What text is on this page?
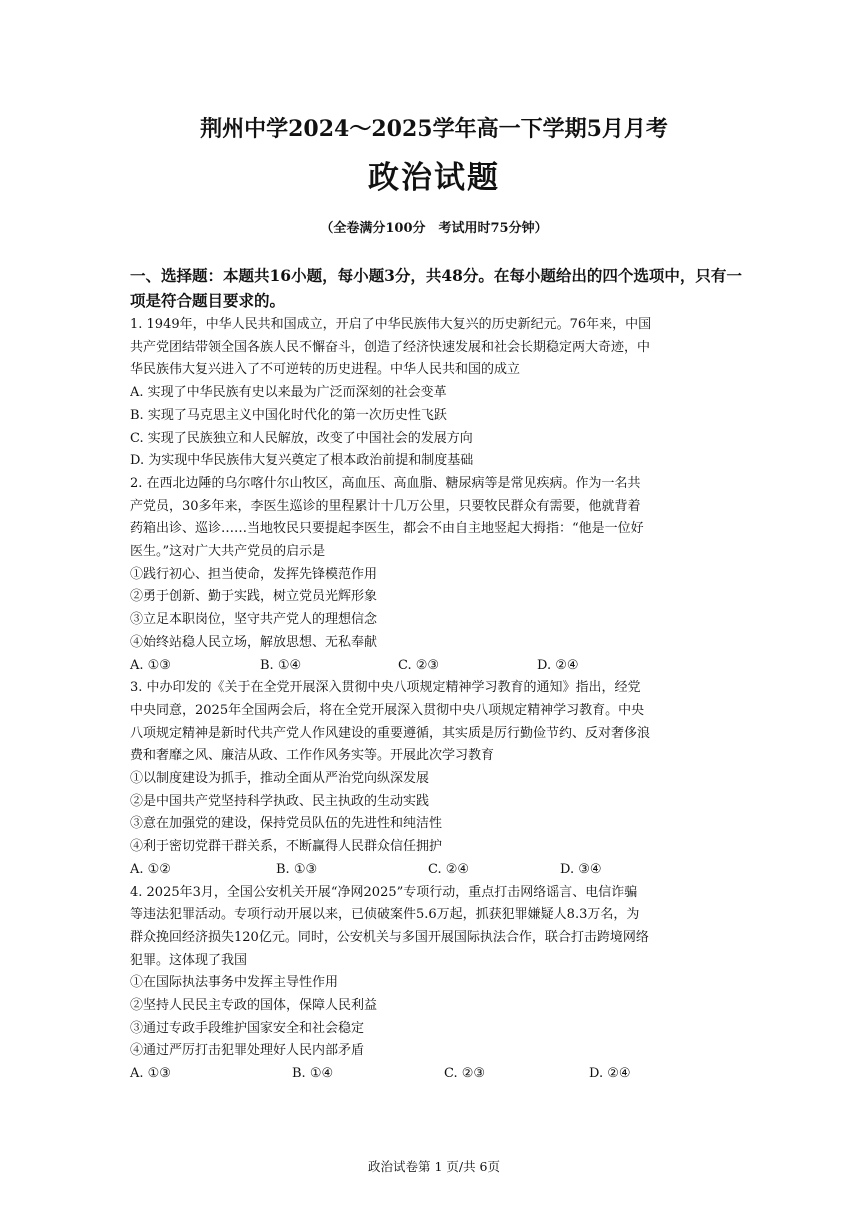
荆州中学2024～2025学年高一下学期5月月考
政治试题
（全卷满分100分　考试用时75分钟）
一、选择题：本题共16小题，每小题3分，共48分。在每小题给出的四个选项中，只有一项是符合题目要求的。

1. 1949年，中华人民共和国成立，开启了中华民族伟大复兴的历史新纪元。76年来，中国

共产党团结带领全国各族人民不懈奋斗，创造了经济快速发展和社会长期稳定两大奇迹，中

华民族伟大复兴进入了不可逆转的历史进程。中华人民共和国的成立

A. 实现了中华民族有史以来最为广泛而深刻的社会变革

B. 实现了马克思主义中国化时代化的第一次历史性飞跃

C. 实现了民族独立和人民解放，改变了中国社会的发展方向

D. 为实现中华民族伟大复兴奠定了根本政治前提和制度基础

2. 在西北边陲的乌尔喀什尔山牧区，高血压、高血脂、糖尿病等是常见疾病。作为一名共

产党员，30多年来，李医生巡诊的里程累计十几万公里，只要牧民群众有需要，他就背着

药箱出诊、巡诊……当地牧民只要提起李医生，都会不由自主地竖起大拇指：“他是一位好

医生。”这对广大共产党员的启示是

①践行初心、担当使命，发挥先锋模范作用

②勇于创新、勤于实践，树立党员光辉形象

③立足本职岗位，坚守共产党人的理想信念

④始终站稳人民立场，解放思想、无私奉献

A. ①③	B. ①④	C. ②③	D. ②④

3. 中办印发的《关于在全党开展深入贯彻中央八项规定精神学习教育的通知》指出，经党

中央同意，2025年全国两会后，将在全党开展深入贯彻中央八项规定精神学习教育。中央

八项规定精神是新时代共产党人作风建设的重要遵循，其实质是厉行勤俭节约、反对奢侈浪

费和奢靡之风、廉洁从政、工作作风务实等。开展此次学习教育

①以制度建设为抓手，推动全面从严治党向纵深发展

②是中国共产党坚持科学执政、民主执政的生动实践

③意在加强党的建设，保持党员队伍的先进性和纯洁性

④利于密切党群干群关系，不断赢得人民群众信任拥护

A. ①②	B. ①③	C. ②④	D. ③④

4. 2025年3月，全国公安机关开展“净网2025”专项行动，重点打击网络谣言、电信诈骗

等违法犯罪活动。专项行动开展以来，已侦破案件5.6万起，抓获犯罪嫌疑人8.3万名，为

群众挽回经济损失120亿元。同时，公安机关与多国开展国际执法合作，联合打击跨境网络

犯罪。这体现了我国

①在国际执法事务中发挥主导性作用

②坚持人民民主专政的国体，保障人民利益

③通过专政手段维护国家安全和社会稳定

④通过严厉打击犯罪处理好人民内部矛盾

A. ①③	B. ①④	C. ②③	D. ②④
政治试卷第 1 页/共 6页
